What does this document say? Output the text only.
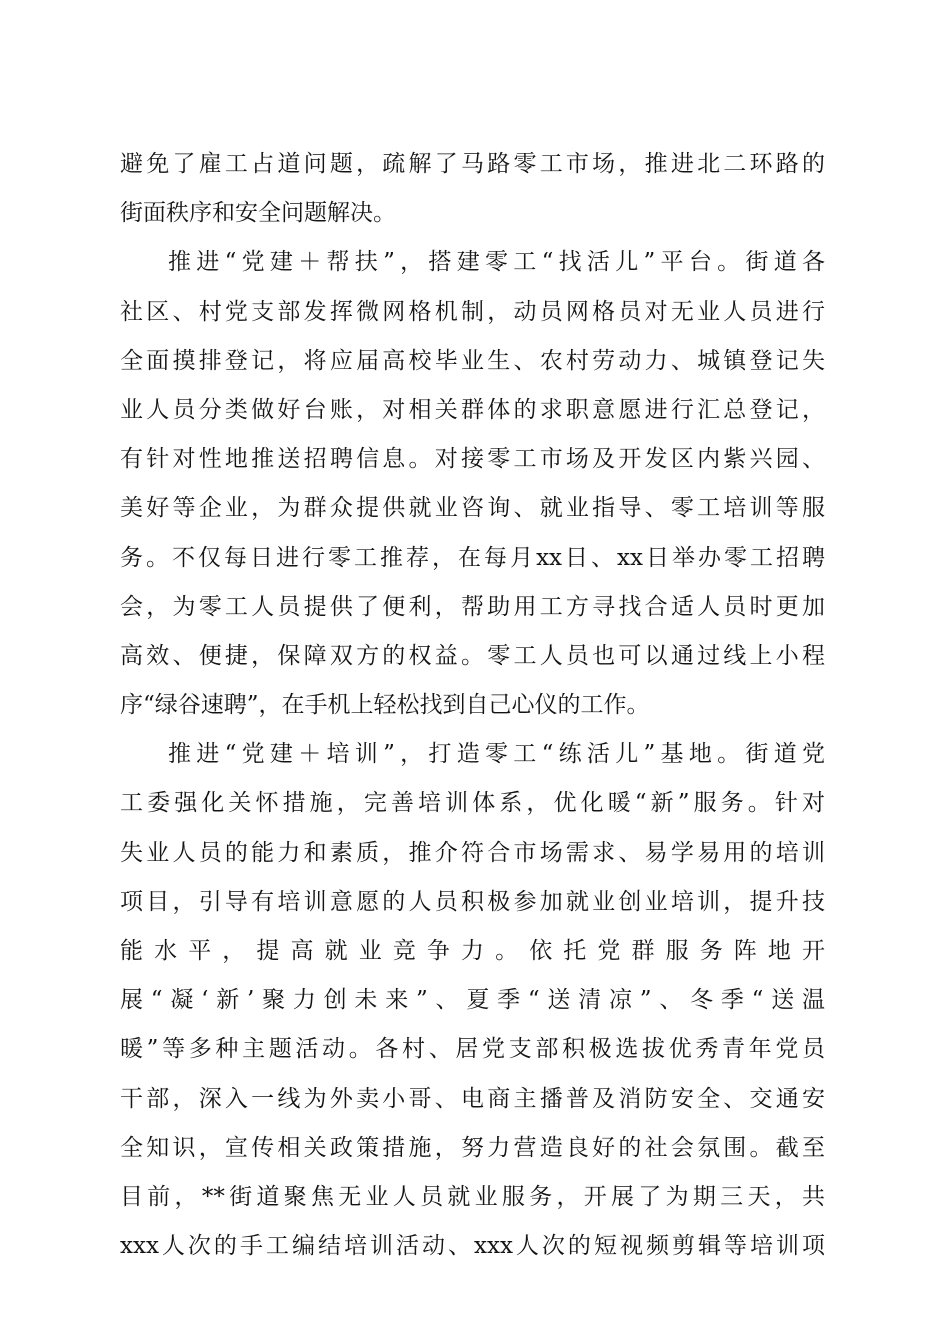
避免了雇工占道问题，疏解了马路零工市场，推进北二环路的
街面秩序和安全问题解决。
推进“党建＋帮扶”，搭建零工“找活儿”平台。街道各
社区、村党支部发挥微网格机制，动员网格员对无业人员进行
全面摸排登记，将应届高校毕业生、农村劳动力、城镇登记失
业人员分类做好台账，对相关群体的求职意愿进行汇总登记，
有针对性地推送招聘信息。对接零工市场及开发区内紫兴园、
美好等企业，为群众提供就业咨询、就业指导、零工培训等服
务。不仅每日进行零工推荐，在每月xx日、xx日举办零工招聘
会，为零工人员提供了便利，帮助用工方寻找合适人员时更加
高效、便捷，保障双方的权益。零工人员也可以通过线上小程
序“绿谷速聘”，在手机上轻松找到自己心仪的工作。
推进“党建＋培训”，打造零工“练活儿”基地。街道党
工委强化关怀措施，完善培训体系，优化暖“新”服务。针对
失业人员的能力和素质，推介符合市场需求、易学易用的培训
项目，引导有培训意愿的人员积极参加就业创业培训，提升技
能水平，提高就业竞争力。依托党群服务阵地开
展“凝‘新’聚力创未来”、夏季“送清凉”、冬季“送温
暖”等多种主题活动。各村、居党支部积极选拔优秀青年党员
干部，深入一线为外卖小哥、电商主播普及消防安全、交通安
全知识，宣传相关政策措施，努力营造良好的社会氛围。截至
目前，**街道聚焦无业人员就业服务，开展了为期三天，共
xxx人次的手工编结培训活动、xxx人次的短视频剪辑等培训项
